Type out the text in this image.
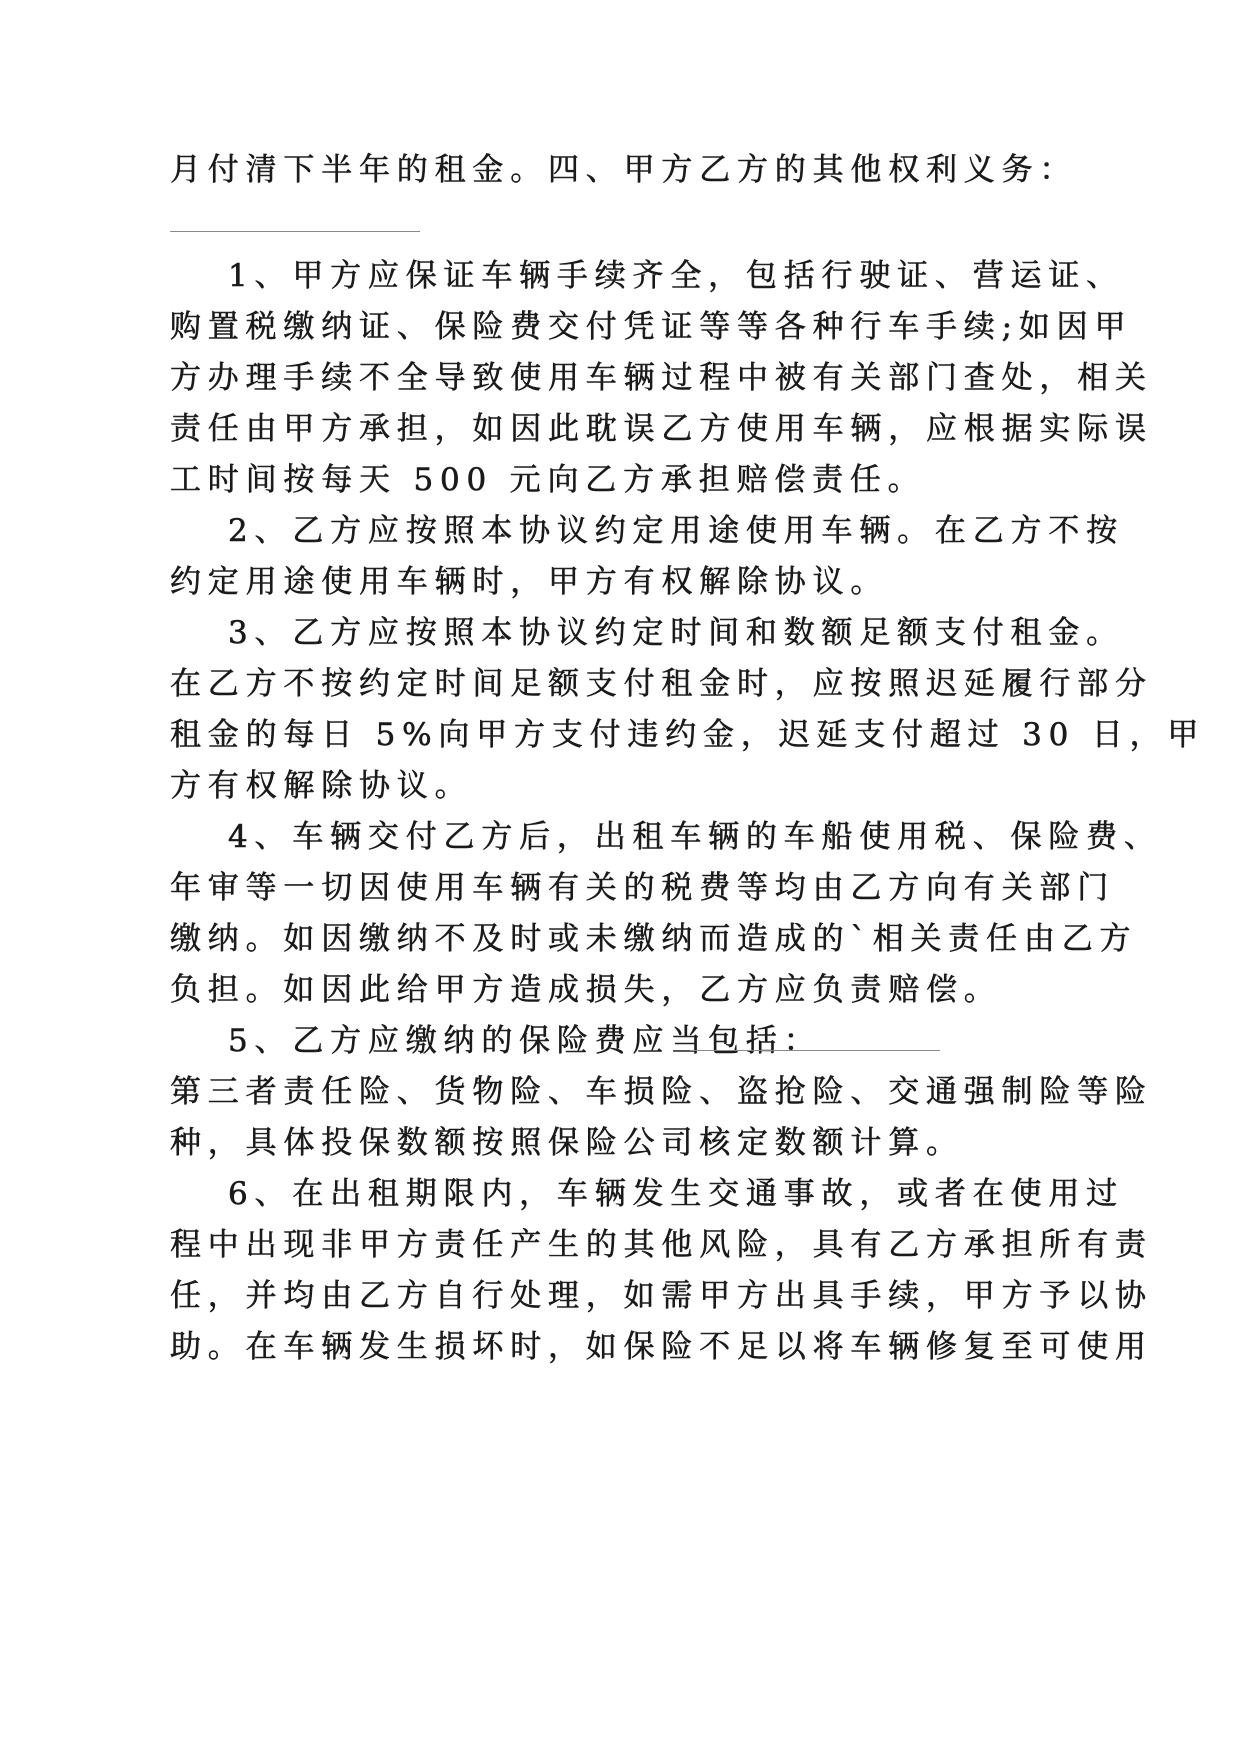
月付清下半年的租金。四、甲方乙方的其他权利义务：
1、甲方应保证车辆手续齐全，包括行驶证、营运证、
购置税缴纳证、保险费交付凭证等等各种行车手续;如因甲
方办理手续不全导致使用车辆过程中被有关部门查处，相关
责任由甲方承担，如因此耽误乙方使用车辆，应根据实际误
工时间按每天 500 元向乙方承担赔偿责任。
2、乙方应按照本协议约定用途使用车辆。在乙方不按
约定用途使用车辆时，甲方有权解除协议。
3、乙方应按照本协议约定时间和数额足额支付租金。
在乙方不按约定时间足额支付租金时，应按照迟延履行部分
租金的每日 5%向甲方支付违约金，迟延支付超过 30 日，甲
方有权解除协议。
4、车辆交付乙方后，出租车辆的车船使用税、保险费、
年审等一切因使用车辆有关的税费等均由乙方向有关部门
缴纳。如因缴纳不及时或未缴纳而造成的`相关责任由乙方
负担。如因此给甲方造成损失，乙方应负责赔偿。
5、乙方应缴纳的保险费应当包括：
第三者责任险、货物险、车损险、盗抢险、交通强制险等险
种，具体投保数额按照保险公司核定数额计算。
6、在出租期限内，车辆发生交通事故，或者在使用过
程中出现非甲方责任产生的其他风险，具有乙方承担所有责
任，并均由乙方自行处理，如需甲方出具手续，甲方予以协
助。在车辆发生损坏时，如保险不足以将车辆修复至可使用
